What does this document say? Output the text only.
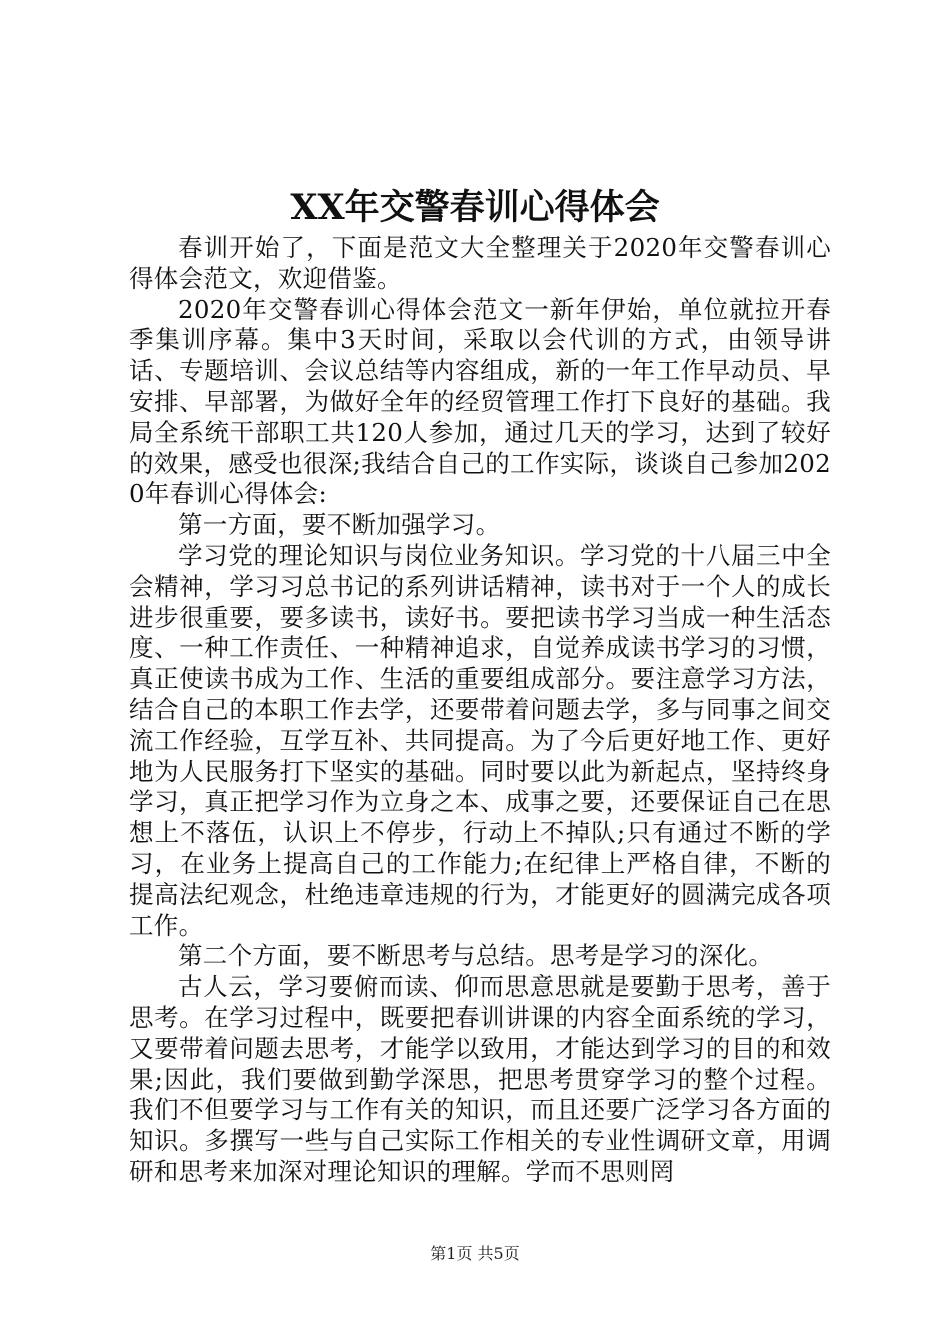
XX年交警春训心得体会

春训开始了，下面是范文大全整理关于2020年交警春训心得体会范文，欢迎借鉴。

2020年交警春训心得体会范文一新年伊始，单位就拉开春季集训序幕。集中3天时间，采取以会代训的方式，由领导讲话、专题培训、会议总结等内容组成，新的一年工作早动员、早安排、早部署，为做好全年的经贸管理工作打下良好的基础。我局全系统干部职工共120人参加，通过几天的学习，达到了较好的效果，感受也很深;我结合自己的工作实际，谈谈自己参加2020年春训心得体会:

第一方面，要不断加强学习。

学习党的理论知识与岗位业务知识。学习党的十八届三中全会精神，学习习总书记的系列讲话精神，读书对于一个人的成长进步很重要，要多读书，读好书。要把读书学习当成一种生活态度、一种工作责任、一种精神追求，自觉养成读书学习的习惯，真正使读书成为工作、生活的重要组成部分。要注意学习方法，结合自己的本职工作去学，还要带着问题去学，多与同事之间交流工作经验，互学互补、共同提高。为了今后更好地工作、更好地为人民服务打下坚实的基础。同时要以此为新起点，坚持终身学习，真正把学习作为立身之本、成事之要，还要保证自己在思想上不落伍，认识上不停步，行动上不掉队;只有通过不断的学习，在业务上提高自己的工作能力;在纪律上严格自律，不断的提高法纪观念，杜绝违章违规的行为，才能更好的圆满完成各项工作。

第二个方面，要不断思考与总结。思考是学习的深化。

古人云，学习要俯而读、仰而思意思就是要勤于思考，善于思考。在学习过程中，既要把春训讲课的内容全面系统的学习，又要带着问题去思考，才能学以致用，才能达到学习的目的和效果;因此，我们要做到勤学深思，把思考贯穿学习的整个过程。我们不但要学习与工作有关的知识，而且还要广泛学习各方面的知识。多撰写一些与自己实际工作相关的专业性调研文章，用调研和思考来加深对理论知识的理解。学而不思则罔

第1页 共5页
